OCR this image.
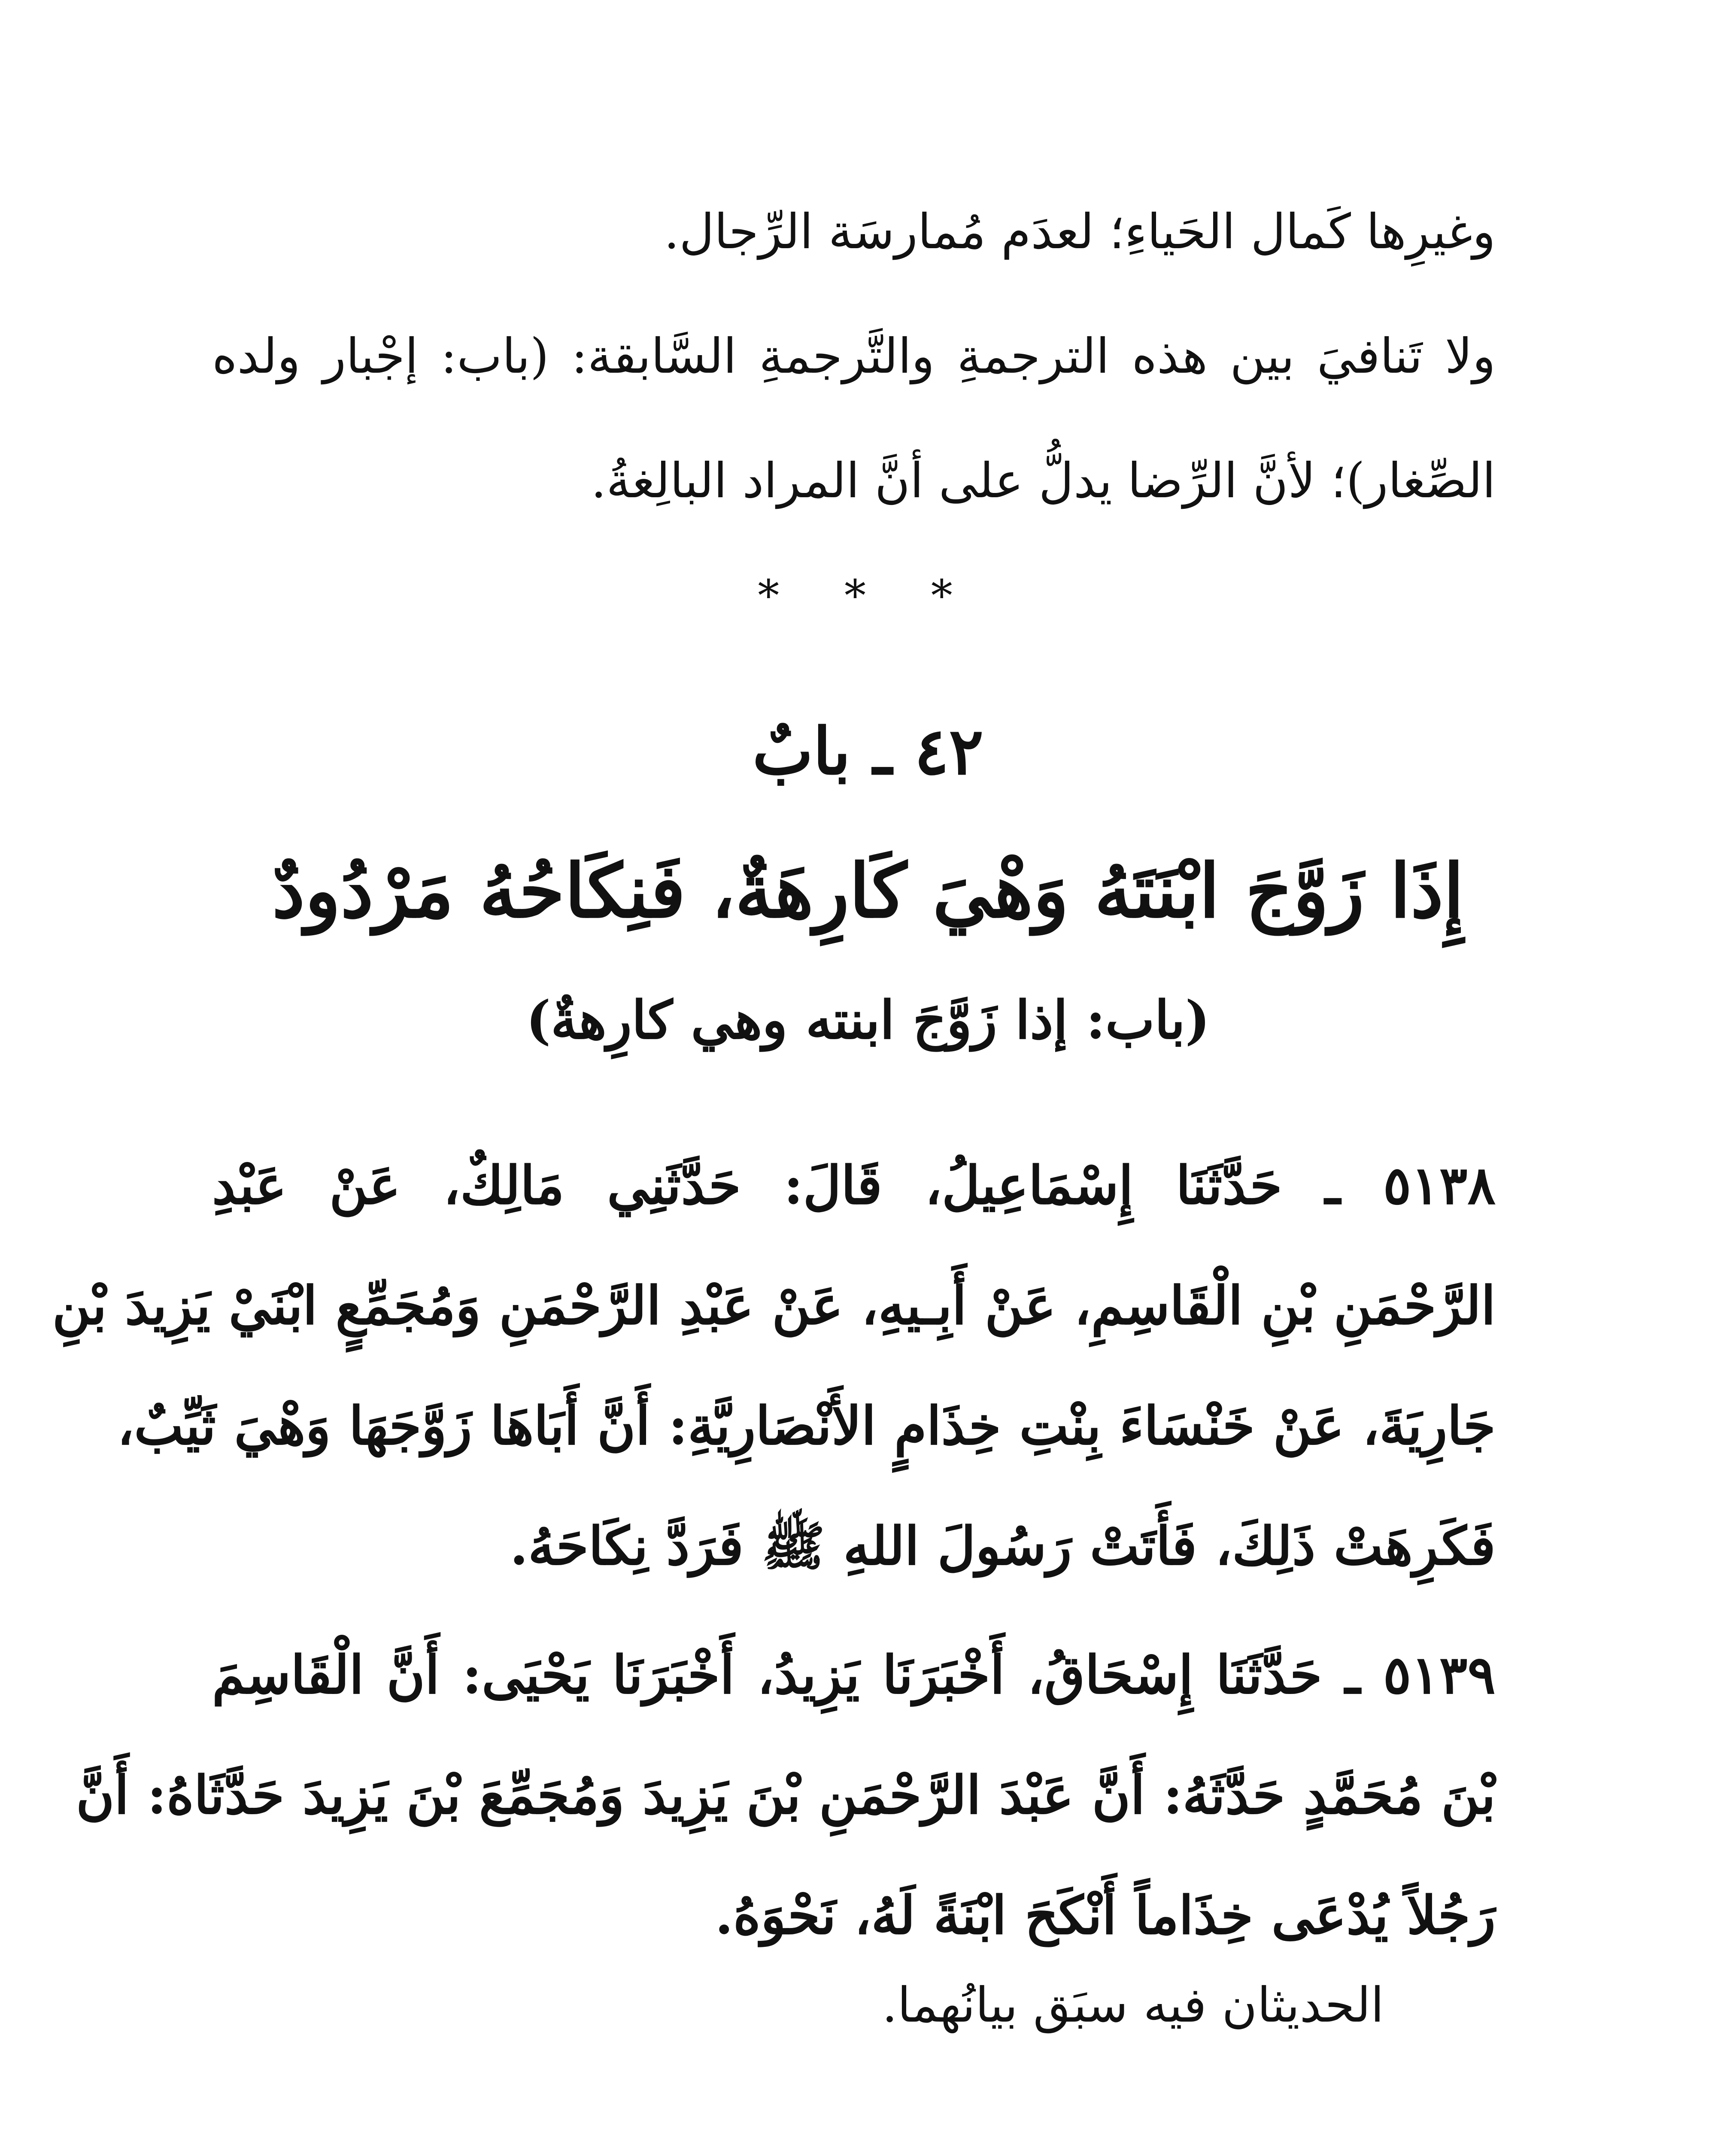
وغيرِها كَمال الحَياءِ؛ لعدَم مُمارسَة الرِّجال.
ولا تَنافيَ بين هذه الترجمةِ والتَّرجمةِ السَّابقة: (باب: إجْبار ولده
الصِّغار)؛ لأنَّ الرِّضا يدلُّ على أنَّ المراد البالِغةُ.
* * *
٤٢ ـ بابٌ
إِذَا زَوَّجَ ابْنَتَهُ وَهْيَ كَارِهَةٌ، فَنِكَاحُهُ مَرْدُودٌ
(باب: إذا زَوَّجَ ابنته وهي كارِهةٌ)
٥١٣٨ ـ حَدَّثَنَا إِسْمَاعِيلُ، قَالَ: حَدَّثَنِي مَالِكٌ، عَنْ عَبْدِ
الرَّحْمَنِ بْنِ الْقَاسِمِ، عَنْ أَبِـيهِ، عَنْ عَبْدِ الرَّحْمَنِ وَمُجَمِّعٍ ابْنَيْ يَزِيدَ بْنِ
جَارِيَةَ، عَنْ خَنْسَاءَ بِنْتِ خِذَامٍ الأَنْصَارِيَّةِ: أَنَّ أَبَاهَا زَوَّجَهَا وَهْيَ ثَيِّبٌ،
فَكَرِهَتْ ذَلِكَ، فَأَتَتْ رَسُولَ اللهِ ﷺ فَرَدَّ نِكَاحَهُ.
٥١٣٩ ـ حَدَّثَنَا إِسْحَاقُ، أَخْبَرَنَا يَزِيدُ، أَخْبَرَنَا يَحْيَى: أَنَّ الْقَاسِمَ
بْنَ مُحَمَّدٍ حَدَّثَهُ: أَنَّ عَبْدَ الرَّحْمَنِ بْنَ يَزِيدَ وَمُجَمِّعَ بْنَ يَزِيدَ حَدَّثَاهُ: أَنَّ
رَجُلاً يُدْعَى خِذَاماً أَنْكَحَ ابْنَةً لَهُ، نَحْوَهُ.
الحديثان فيه سبَق بيانُهما.
